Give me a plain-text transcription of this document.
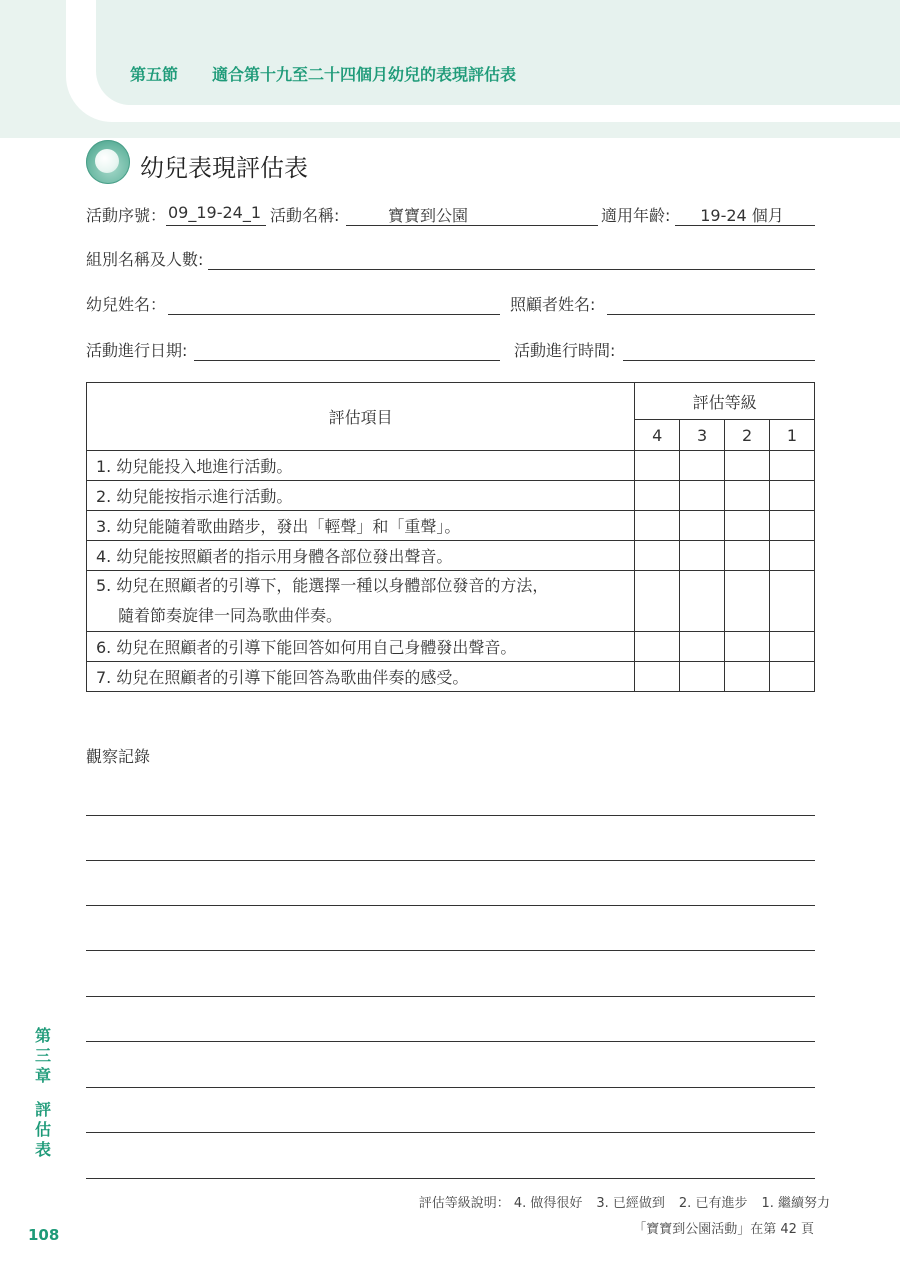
第五節 適合第十九至二十四個月幼兒的表現評估表
幼兒表現評估表
活動序號： 09_19-24_1 活動名稱:	寶寶到公園	適用年齡:	19-24 個月
組別名稱及人數:
幼兒姓名：	照顧者姓名:
活動進行日期:	活動進行時間:
評估項目	評估等級			
	4	3	2	1
1. 幼兒能投入地進行活動。				
2. 幼兒能按指示進行活動。				
3. 幼兒能隨着歌曲踏步，發出「輕聲」和「重聲」。				
4. 幼兒能按照顧者的指示用身體各部位發出聲音。				

5. 幼兒在照顧者的引導下，能選擇一種以身體部位發音的方法，
隨着節奏旋律一同為歌曲伴奏。				

6. 幼兒在照顧者的引導下能回答如何用自己身體發出聲音。				
7. 幼兒在照顧者的引導下能回答為歌曲伴奏的感受。				
觀察記錄
第
三
章
評
估
表
評估等級說明： 4. 做得很好 3. 已經做到 2. 已有進步 1. 繼續努力
「寶寶到公園活動」在第 42 頁
108
